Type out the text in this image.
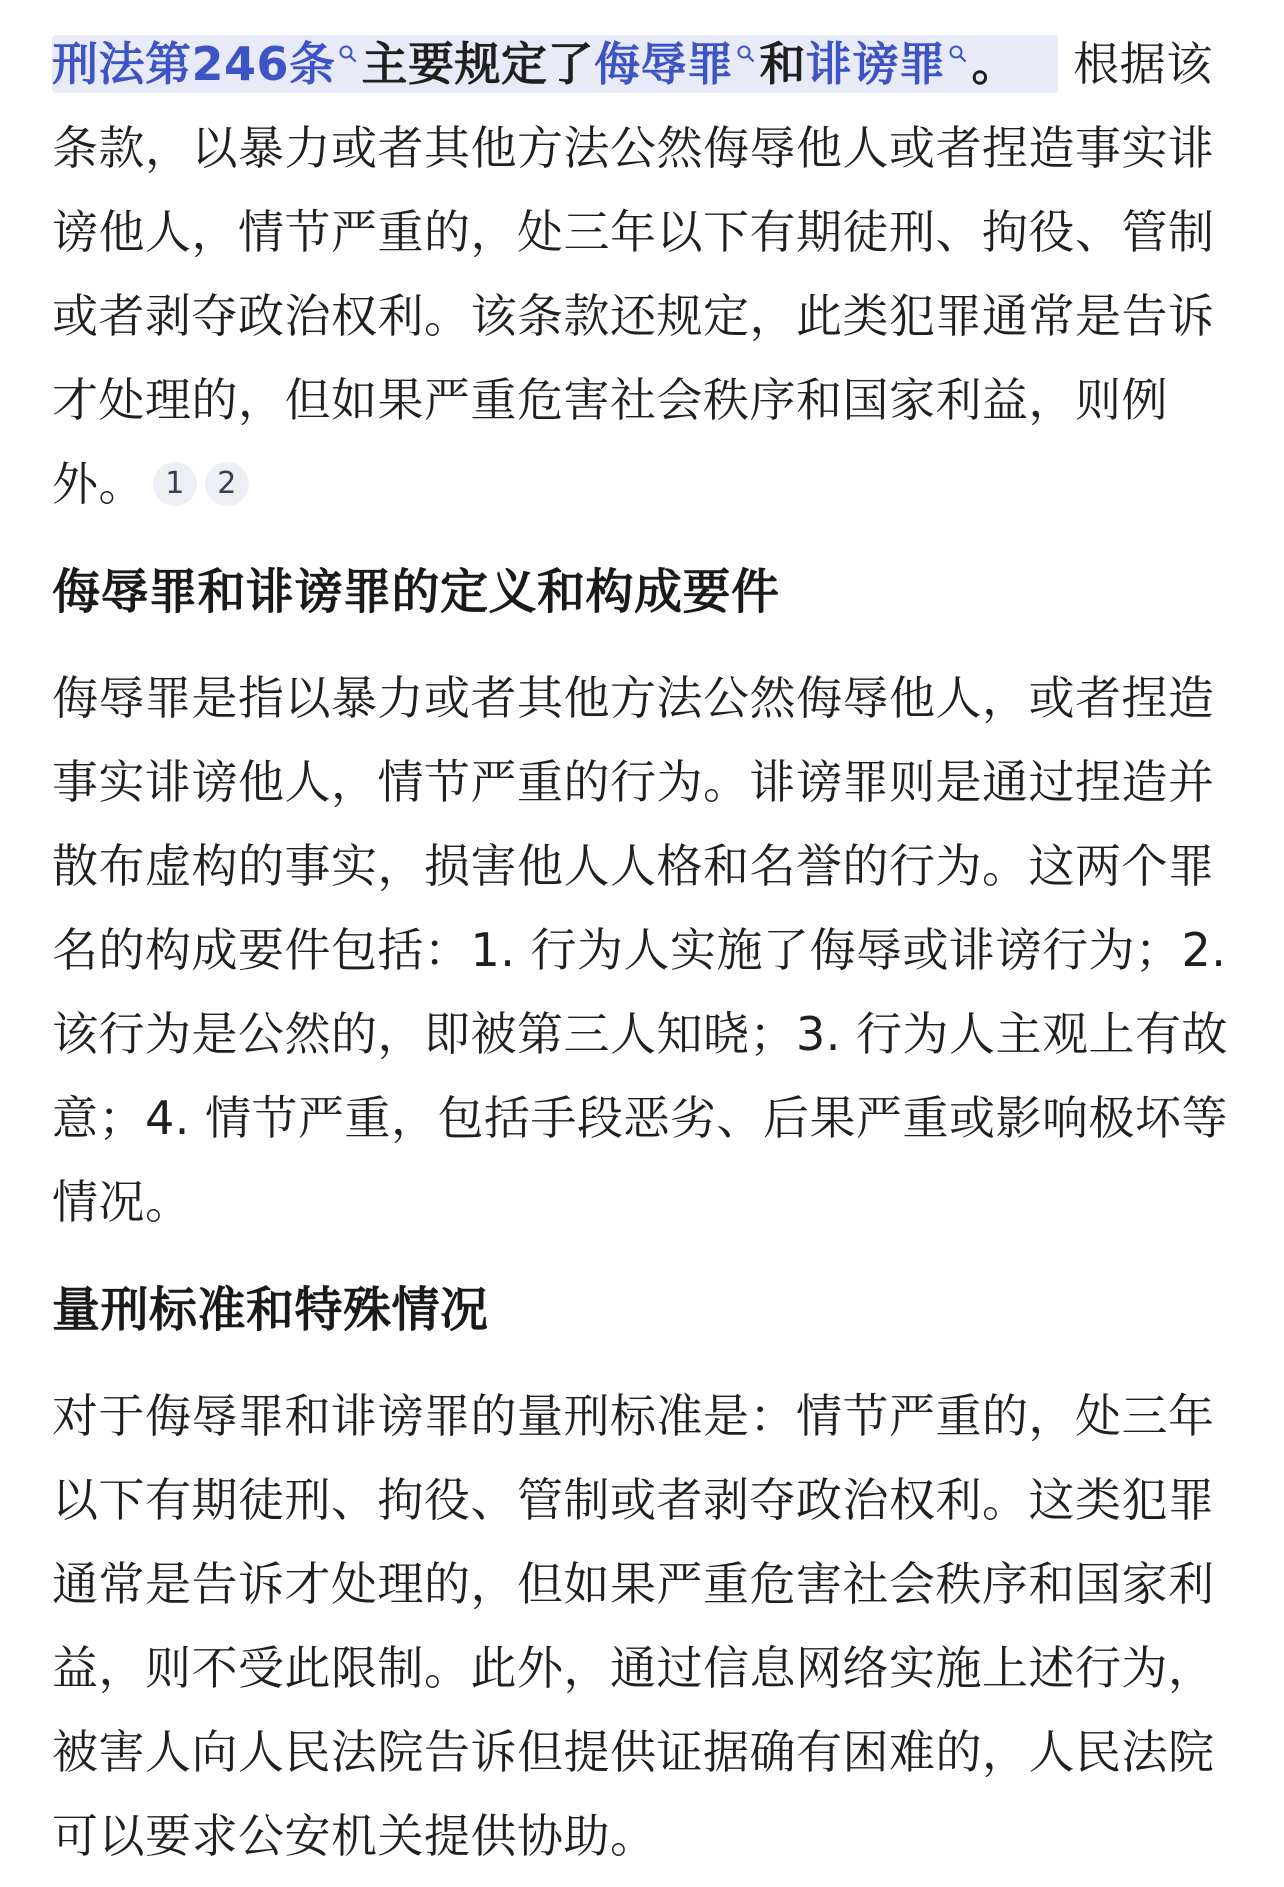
刑法第246条 主要规定了侮辱罪 和诽谤罪 。 根据该条款，以暴力或者其他方法公然侮辱他人或者捏造事实诽谤他人，情节严重的，处三年以下有期徒刑、拘役、管制或者剥夺政治权利。该条款还规定，此类犯罪通常是告诉才处理的，但如果严重危害社会秩序和国家利益，则例外。 1 2

侮辱罪和诽谤罪的定义和构成要件

侮辱罪是指以暴力或者其他方法公然侮辱他人，或者捏造事实诽谤他人，情节严重的行为。诽谤罪则是通过捏造并散布虚构的事实，损害他人人格和名誉的行为。这两个罪名的构成要件包括：1. 行为人实施了侮辱或诽谤行为；2. 该行为是公然的，即被第三人知晓；3. 行为人主观上有故意；4. 情节严重，包括手段恶劣、后果严重或影响极坏等情况。

量刑标准和特殊情况

对于侮辱罪和诽谤罪的量刑标准是：情节严重的，处三年以下有期徒刑、拘役、管制或者剥夺政治权利。这类犯罪通常是告诉才处理的，但如果严重危害社会秩序和国家利益，则不受此限制。此外，通过信息网络实施上述行为，被害人向人民法院告诉但提供证据确有困难的，人民法院可以要求公安机关提供协助。
